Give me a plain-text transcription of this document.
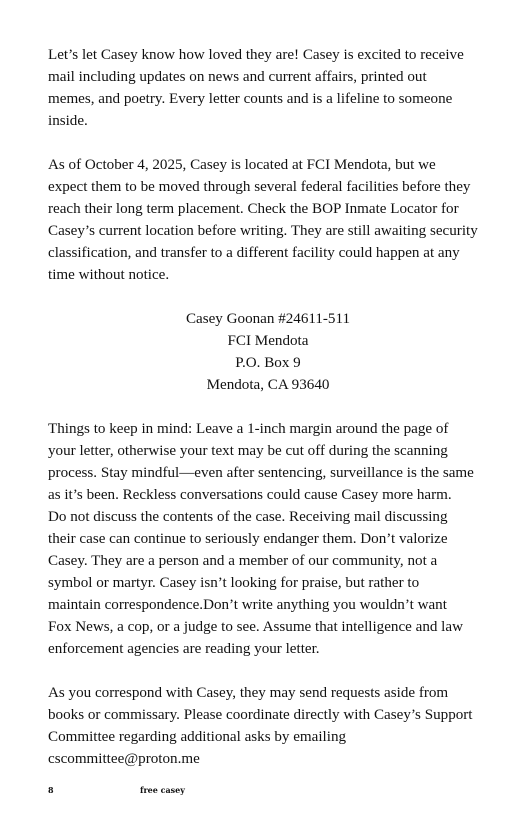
Let’s let Casey know how loved they are! Casey is excited to receive
mail including updates on news and current affairs, printed out
memes, and poetry. Every letter counts and is a lifeline to someone
inside.

As of October 4, 2025, Casey is located at FCI Mendota, but we
expect them to be moved through several federal facilities before they
reach their long term placement. Check the BOP Inmate Locator for
Casey’s current location before writing. They are still awaiting security
classification, and transfer to a different facility could happen at any
time without notice.

Casey Goonan #24611-511
FCI Mendota
P.O. Box 9
Mendota, CA 93640

Things to keep in mind: Leave a 1-inch margin around the page of
your letter, otherwise your text may be cut off during the scanning
process. Stay mindful—even after sentencing, surveillance is the same
as it’s been. Reckless conversations could cause Casey more harm.
Do not discuss the contents of the case. Receiving mail discussing
their case can continue to seriously endanger them. Don’t valorize
Casey. They are a person and a member of our community, not a
symbol or martyr. Casey isn’t looking for praise, but rather to
maintain correspondence.Don’t write anything you wouldn’t want
Fox News, a cop, or a judge to see. Assume that intelligence and law
enforcement agencies are reading your letter.

As you correspond with Casey, they may send requests aside from
books or commissary. Please coordinate directly with Casey’s Support
Committee regarding additional asks by emailing
cscommittee@proton.me

8	free casey
